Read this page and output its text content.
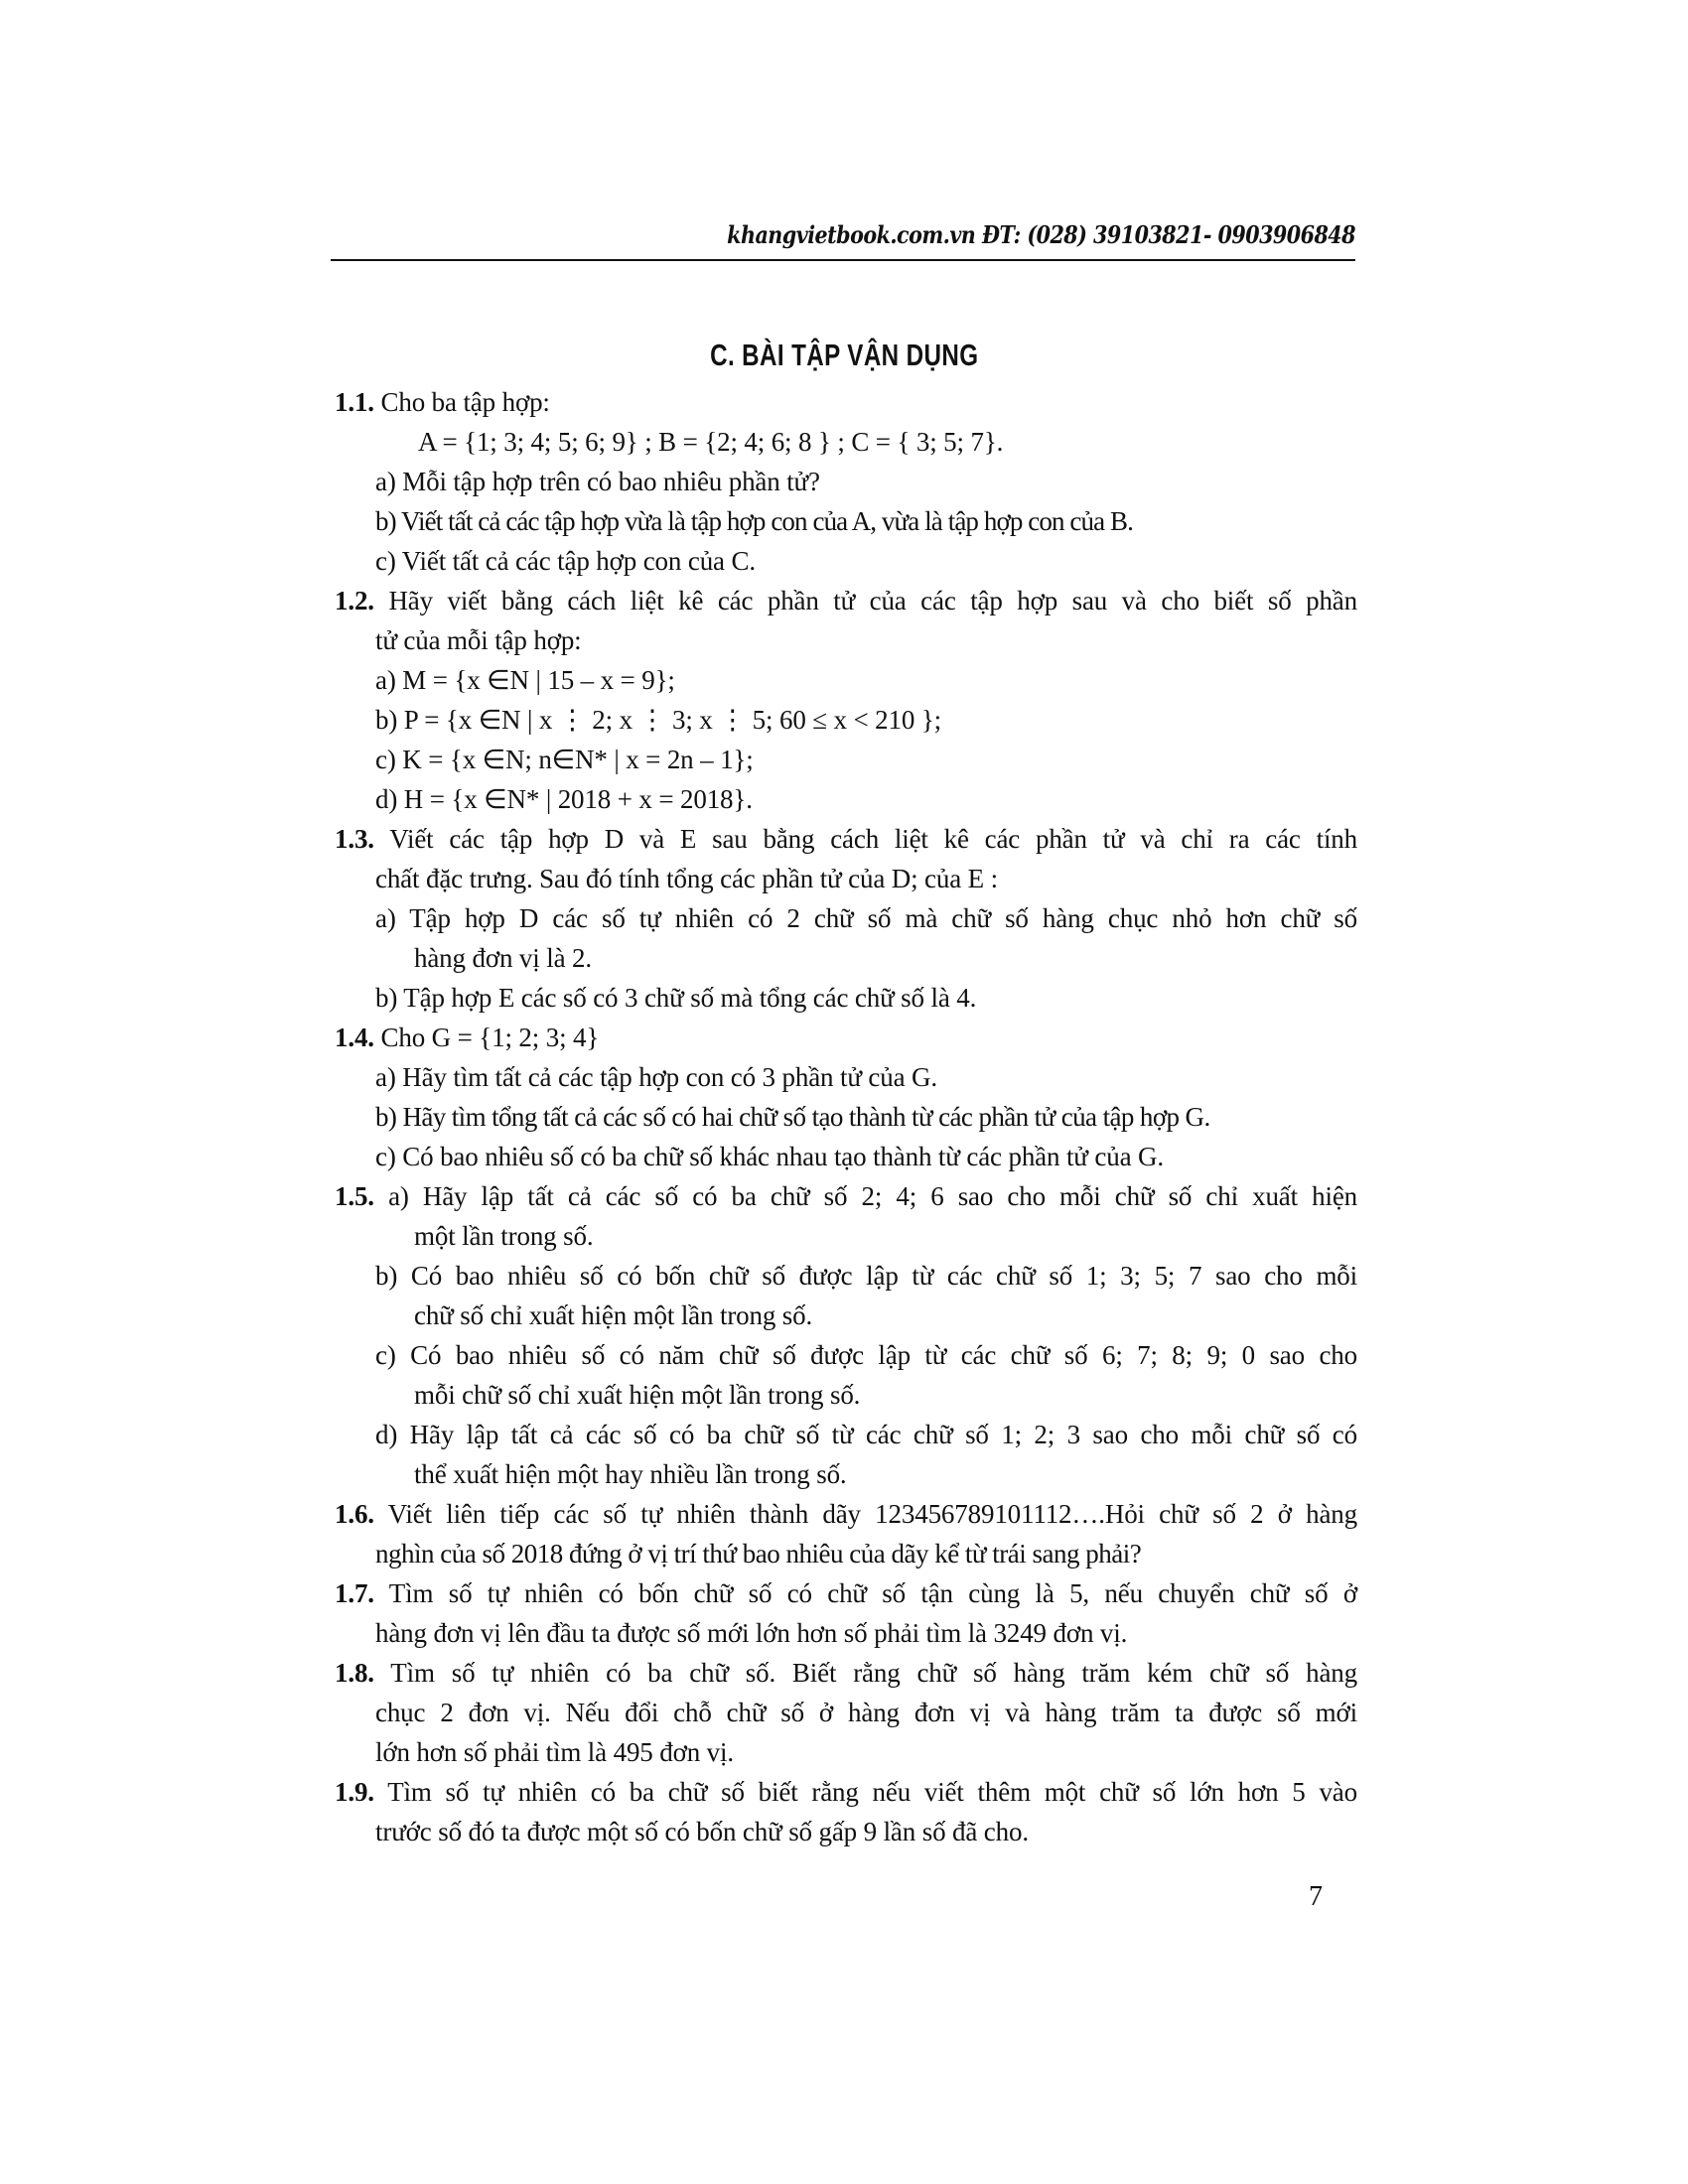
khangvietbook.com.vn ĐT: (028) 39103821- 0903906848
C. BÀI TẬP VẬN DỤNG
1.1. Cho ba tập hợp:
A = {1; 3; 4; 5; 6; 9} ; B = {2; 4; 6; 8 } ; C = { 3; 5; 7}.
a) Mỗi tập hợp trên có bao nhiêu phần tử?
b) Viết tất cả các tập hợp vừa là tập hợp con của A, vừa là tập hợp con của B.
c) Viết tất cả các tập hợp con của C.
1.2. Hãy viết bằng cách liệt kê các phần tử của các tập hợp sau và cho biết số phần
tử của mỗi tập hợp:
a) M = {x ∈N | 15 – x = 9};
b) P = {x ∈N | x ⋮ 2; x ⋮ 3; x ⋮ 5; 60 ≤ x < 210 };
c) K = {x ∈N; n∈N* | x = 2n – 1};
d) H = {x ∈N* | 2018 + x = 2018}.
1.3. Viết các tập hợp D và E sau bằng cách liệt kê các phần tử và chỉ ra các tính
chất đặc trưng. Sau đó tính tổng các phần tử của D; của E :
a) Tập hợp D các số tự nhiên có 2 chữ số mà chữ số hàng chục nhỏ hơn chữ số
hàng đơn vị là 2.
b) Tập hợp E các số có 3 chữ số mà tổng các chữ số là 4.
1.4. Cho G = {1; 2; 3; 4}
a) Hãy tìm tất cả các tập hợp con có 3 phần tử của G.
b) Hãy tìm tổng tất cả các số có hai chữ số tạo thành từ các phần tử của tập hợp G.
c) Có bao nhiêu số có ba chữ số khác nhau tạo thành từ các phần tử của G.
1.5. a) Hãy lập tất cả các số có ba chữ số 2; 4; 6 sao cho mỗi chữ số chỉ xuất hiện
một lần trong số.
b) Có bao nhiêu số có bốn chữ số được lập từ các chữ số 1; 3; 5; 7 sao cho mỗi
chữ số chỉ xuất hiện một lần trong số.
c) Có bao nhiêu số có năm chữ số được lập từ các chữ số 6; 7; 8; 9; 0 sao cho
mỗi chữ số chỉ xuất hiện một lần trong số.
d) Hãy lập tất cả các số có ba chữ số từ các chữ số 1; 2; 3 sao cho mỗi chữ số có
thể xuất hiện một hay nhiều lần trong số.
1.6. Viết liên tiếp các số tự nhiên thành dãy 123456789101112….Hỏi chữ số 2 ở hàng
nghìn của số 2018 đứng ở vị trí thứ bao nhiêu của dãy kể từ trái sang phải?
1.7. Tìm số tự nhiên có bốn chữ số có chữ số tận cùng là 5, nếu chuyển chữ số ở
hàng đơn vị lên đầu ta được số mới lớn hơn số phải tìm là 3249 đơn vị.
1.8. Tìm số tự nhiên có ba chữ số. Biết rằng chữ số hàng trăm kém chữ số hàng
chục 2 đơn vị. Nếu đổi chỗ chữ số ở hàng đơn vị và hàng trăm ta được số mới
lớn hơn số phải tìm là 495 đơn vị.
1.9. Tìm số tự nhiên có ba chữ số biết rằng nếu viết thêm một chữ số lớn hơn 5 vào
trước số đó ta được một số có bốn chữ số gấp 9 lần số đã cho.
7
